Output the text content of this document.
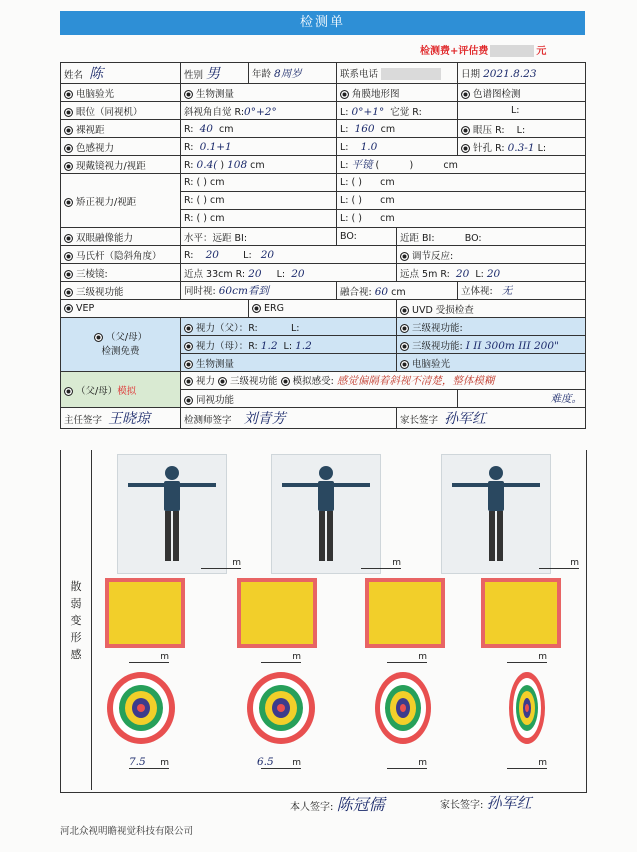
检测单
检测费+评估费	元
姓名 陈	性别 男	年龄 8周岁	联系电话		日期 2021.8.23
电脑验光	生物测量		角膜地形图		色谱图检测
眼位（同视机）	斜视角自觉 R:0°+2°		L: 0°+1° 它觉 R:		L:
裸视距	R: 40 cm		L: 160 cm		眼压 R: L:
色感视力	R: 0.1+1		L: 1.0		针孔 R: 0.3-1 L:
现戴镜视力/视距	R: 0.4( ) 108 cm		L: 平镜 (          )          cm		
矫正视力/视距	R: ( ) cm		L: ( ) cm		
	R: ( ) cm		L: ( ) cm		
	R: ( ) cm		L: ( ) cm		
双眼融像能力	水平：远距 BI:		BO:	近距 BI: BO:	
马氏杆（隐斜角度）	R: 20 L: 20			调节反应:	
三棱镜:	近点 33cm R: 20 L: 20			远点 5m R: 20 L: 20	
三级视功能	同时视: 60cm看到		融合视: 60 cm		立体视: 无
VEP		ERG		UVD 受损检查	
（父/母）
检测免费	视力（父）：R: L:			三级视功能:	
	视力（母）：R: 1.2 L: 1.2			三级视功能: I II 300m III 200"	
	生物测量			电脑验光	
（父/母）模拟	视力 三级视功能 模拟感受: 感觉偏隔着斜视不清楚，整体模糊				
	同视功能				难度。
主任签字 王晓琼	检测师签字 刘青芳			家长签字 孙军红	
散
弱
变
形
感
m	m	m
m	m	m	m
7.5	m	6.5	m	m	m
本人签字: 陈冠儒	家长签字: 孙军红
河北众视明瞻视觉科技有限公司
